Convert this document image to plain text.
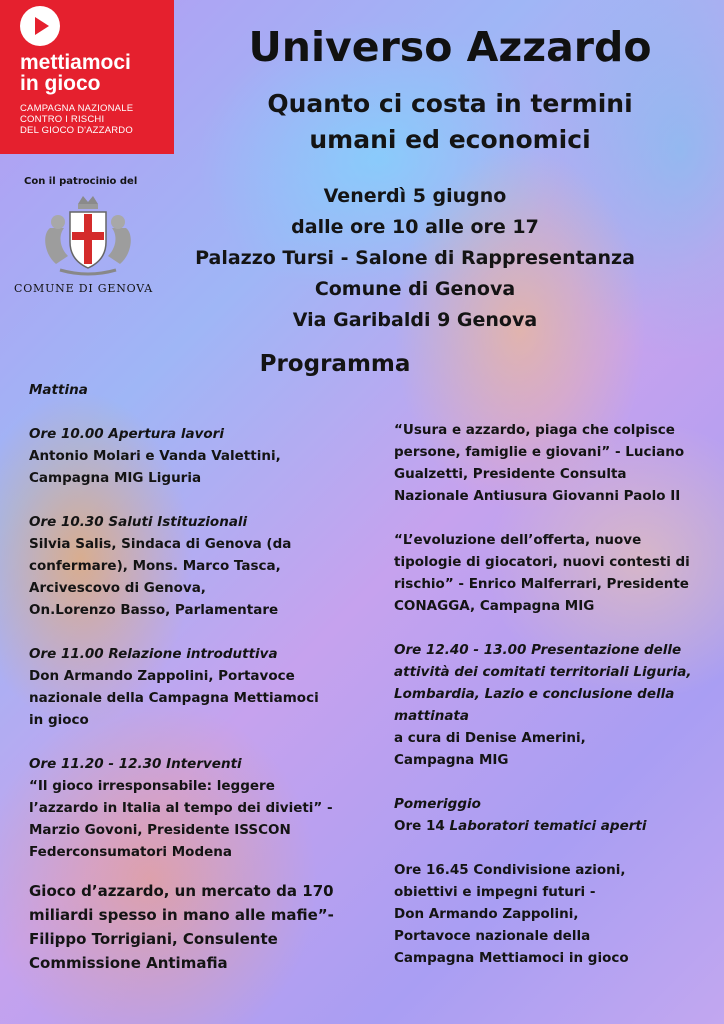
mettiamoci
in gioco
CAMPAGNA NAZIONALE
CONTRO I RISCHI
DEL GIOCO D'AZZARDO
Con il patrocinio del
COMUNE DI GENOVA
Universo Azzardo
Quanto ci costa in termini
umani ed economici
Venerdì 5 giugno
dalle ore 10 alle ore 17
Palazzo Tursi - Salone di Rappresentanza
Comune di Genova
Via Garibaldi 9 Genova
Programma

Mattina

Ore 10.00 Apertura lavori

Antonio Molari e Vanda Valettini,

Campagna MIG Liguria

Ore 10.30 Saluti Istituzionali

Silvia Salis, Sindaca di Genova (da

confermare), Mons. Marco Tasca,

Arcivescovo di Genova,

On.Lorenzo Basso, Parlamentare

Ore 11.00 Relazione introduttiva

Don Armando Zappolini, Portavoce

nazionale della Campagna Mettiamoci

in gioco

Ore 11.20 - 12.30 Interventi

“Il gioco irresponsabile: leggere

l’azzardo in Italia al tempo dei divieti” -

Marzio Govoni, Presidente ISSCON

Federconsumatori Modena

Gioco d’azzardo, un mercato da 170

miliardi spesso in mano alle mafie”-

Filippo Torrigiani, Consulente

Commissione Antimafia

“Usura e azzardo, piaga che colpisce

persone, famiglie e giovani” - Luciano

Gualzetti, Presidente Consulta

Nazionale Antiusura Giovanni Paolo II

“L’evoluzione dell’offerta, nuove

tipologie di giocatori, nuovi contesti di

rischio” - Enrico Malferrari, Presidente

CONAGGA, Campagna MIG

Ore 12.40 - 13.00 Presentazione delle

attività dei comitati territoriali Liguria,

Lombardia, Lazio e conclusione della

mattinata

a cura di Denise Amerini,

Campagna MIG

Pomeriggio

Ore 14 Laboratori tematici aperti

Ore 16.45 Condivisione azioni,

obiettivi e impegni futuri -

Don Armando Zappolini,

Portavoce nazionale della

Campagna Mettiamoci in gioco
